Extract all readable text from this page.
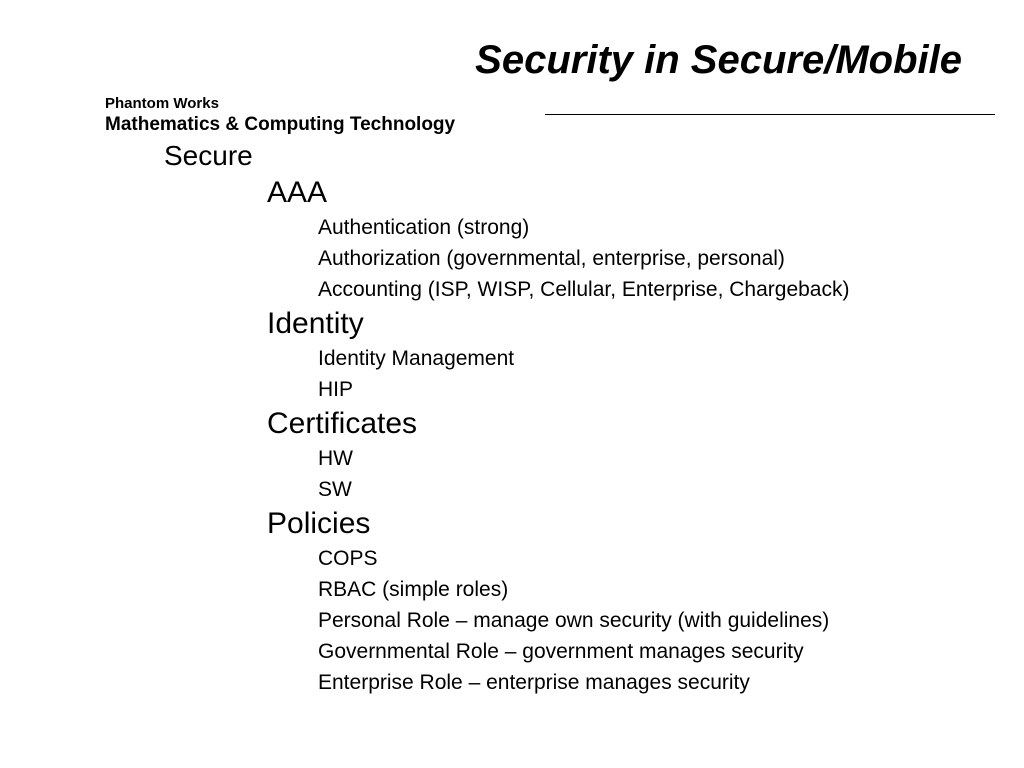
Security in Secure/Mobile
Phantom Works
Mathematics & Computing Technology
Secure
AAA
Authentication (strong)
Authorization (governmental, enterprise, personal)
Accounting (ISP, WISP, Cellular, Enterprise, Chargeback)
Identity
Identity Management
HIP
Certificates
HW
SW
Policies
COPS
RBAC (simple roles)
Personal Role – manage own security (with guidelines)
Governmental Role – government manages security
Enterprise Role – enterprise manages security
